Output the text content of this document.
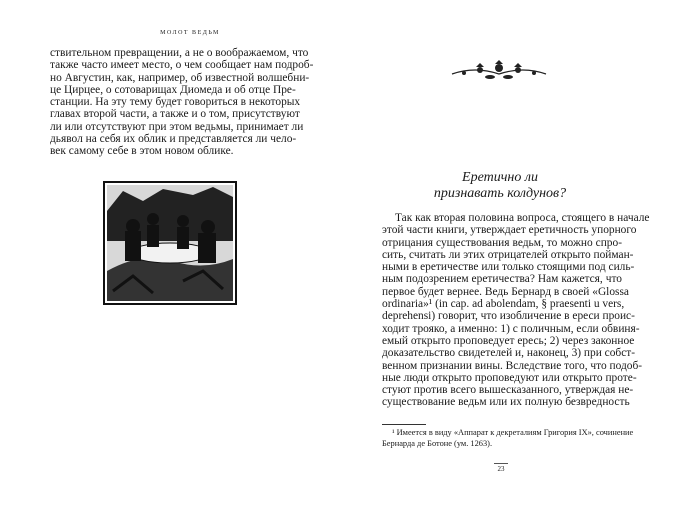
МОЛОТ ВЕДЬМ
ствительном превращении, а не о воображаемом, что
также часто имеет место, о чем сообщает нам подроб-
но Августин, как, например, об известной волшебни-
це Цирцее, о сотоварищах Диомеда и об отце Пре-
станции. На эту тему будет говориться в некоторых
главах второй части, а также и о том, присутствуют
ли или отсутствуют при этом ведьмы, принимает ли
дьявол на себя их облик и представляется ли чело-
век самому себе в этом новом облике.
Еретично ли
признавать колдунов?
Так как вторая половина вопроса, стоящего в начале
этой части книги, утверждает еретичность упорного
отрицания существования ведьм, то можно спро-
сить, считать ли этих отрицателей открыто пойман-
ными в еретичестве или только стоящими под силь-
ным подозрением еретичества? Нам кажется, что
первое будет вернее. Ведь Бернард в своей «Glossa
ordinaria»¹ (in cap. ad abolendam, § praesenti u vers,
deprehensi) говорит, что изобличение в ереси проис-
ходит трояко, а именно: 1) с поличным, если обвиня-
емый открыто проповедует ересь; 2) через законное
доказательство свидетелей и, наконец, 3) при собст-
венном признании вины. Вследствие того, что подоб-
ные люди открыто проповедуют или открыто проте-
стуют против всего вышесказанного, утверждая не-
существование ведьм или их полную безвредность
¹ Имеется в виду «Аппарат к декреталиям Григория IX», сочинение
Бернарда де Ботоне (ум. 1263).
23
